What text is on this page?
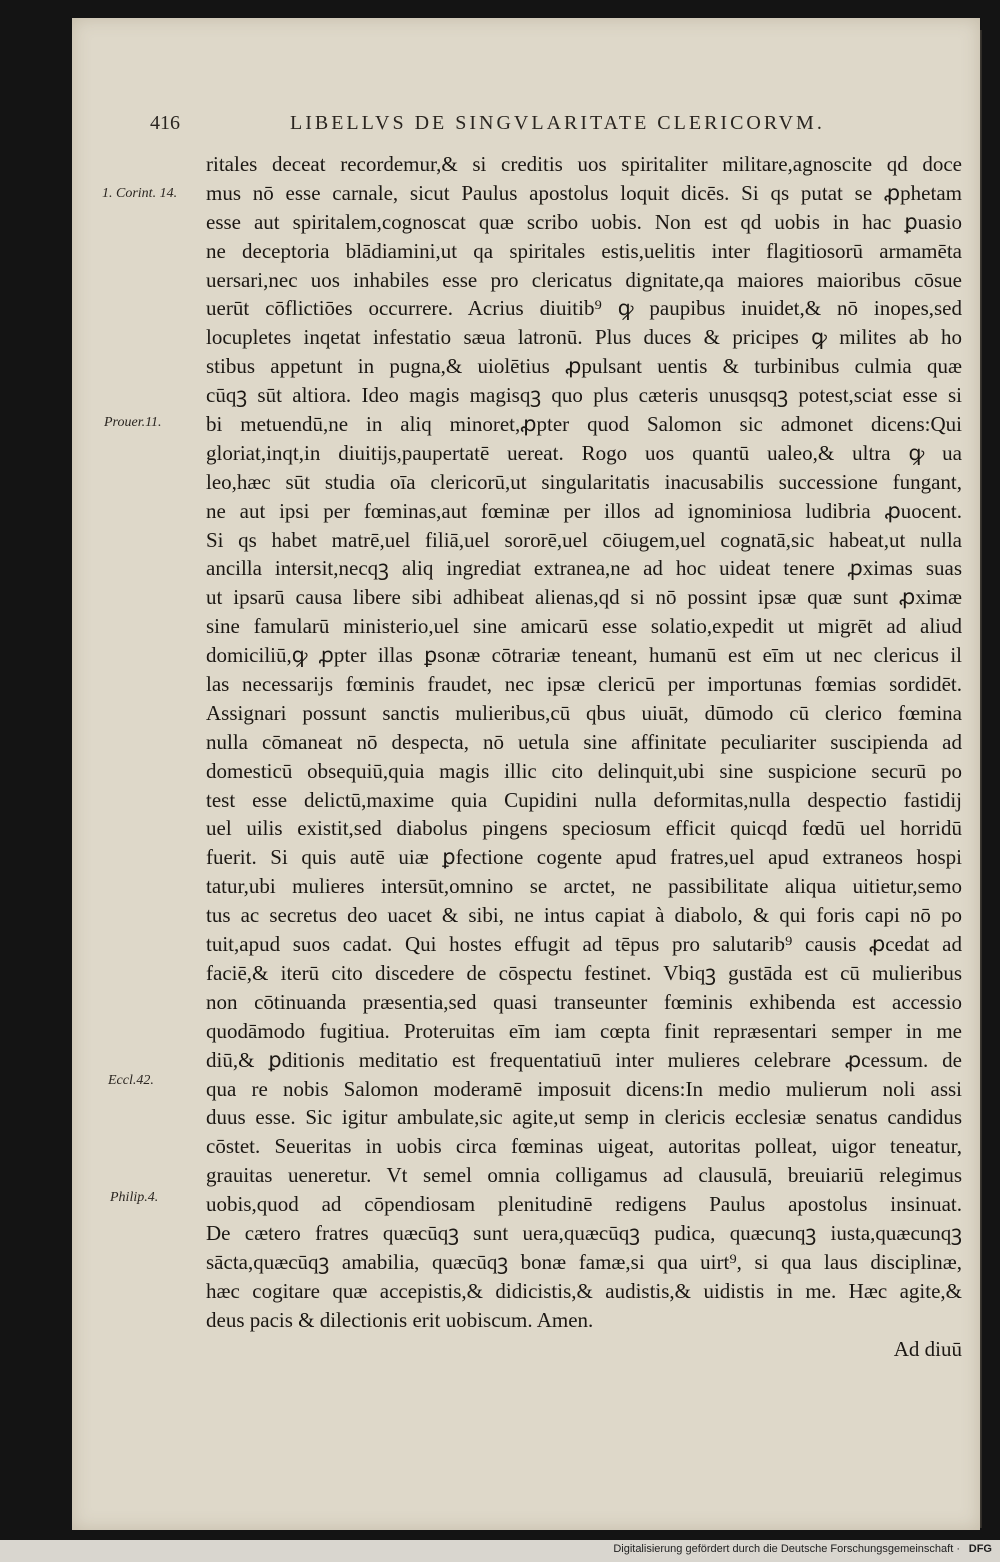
416	LIBELLVS DE SINGVLARITATE CLERICORVM.
1. Corint. 14.
Prouer.11.
Eccl.42.
Philip.4.
ritales deceat recordemur,& si creditis uos spiritaliter militare,agnoscite qd doce
mus nō esse carnale, sicut Paulus apostolus loquit dicēs. Si qs putat se ꝓphetam
esse aut spiritalem,cognoscat quæ scribo uobis. Non est qd uobis in hac ꝑuasio
ne deceptoria blādiamini,ut qa spiritales estis,uelitis inter flagitiosorū armamēta
uersari,nec uos inhabiles esse pro clericatus dignitate,qa maiores maioribus cōsue
uerūt cōflictiōes occurrere. Acrius diuitib⁹ ꝙ paupibus inuidet,& nō inopes,sed
locupletes inqetat infestatio sæua latronū. Plus duces & pricipes ꝙ milites ab ho
stibus appetunt in pugna,& uiolētius ꝓpulsant uentis & turbinibus culmia quæ
cūqꝫ sūt altiora. Ideo magis magisqꝫ quo plus cæteris unusqsqꝫ potest,sciat esse si
bi metuendū,ne in aliq minoret,ꝓpter quod Salomon sic admonet dicens:Qui
gloriat,inqt,in diuitijs,paupertatē uereat. Rogo uos quantū ualeo,& ultra ꝙ ua
leo,hæc sūt studia oīa clericorū,ut singularitatis inacusabilis successione fungant,
ne aut ipsi per fœminas,aut fœminæ per illos ad ignominiosa ludibria ꝓuocent.
Si qs habet matrē,uel filiā,uel sororē,uel cōiugem,uel cognatā,sic habeat,ut nulla
ancilla intersit,necqꝫ aliq ingrediat extranea,ne ad hoc uideat tenere ꝓximas suas
ut ipsarū causa libere sibi adhibeat alienas,qd si nō possint ipsæ quæ sunt ꝓximæ
sine famularū ministerio,uel sine amicarū esse solatio,expedit ut migrēt ad aliud
domiciliū,ꝙ ꝓpter illas ꝑsonæ cōtrariæ teneant, humanū est eīm ut nec clericus il
las necessarijs fœminis fraudet, nec ipsæ clericū per importunas fœmias sordidēt.
Assignari possunt sanctis mulieribus,cū qbus uiuāt, dūmodo cū clerico fœmina
nulla cōmaneat nō despecta, nō uetula sine affinitate peculiariter suscipienda ad
domesticū obsequiū,quia magis illic cito delinquit,ubi sine suspicione securū po
test esse delictū,maxime quia Cupidini nulla deformitas,nulla despectio fastidij
uel uilis existit,sed diabolus pingens speciosum efficit quicqd fœdū uel horridū
fuerit. Si quis autē uiæ ꝑfectione cogente apud fratres,uel apud extraneos hospi
tatur,ubi mulieres intersūt,omnino se arctet, ne passibilitate aliqua uitietur,semo
tus ac secretus deo uacet & sibi, ne intus capiat à diabolo, & qui foris capi nō po
tuit,apud suos cadat. Qui hostes effugit ad tēpus pro salutarib⁹ causis ꝓcedat ad
faciē,& iterū cito discedere de cōspectu festinet. Vbiqꝫ gustāda est cū mulieribus
non cōtinuanda præsentia,sed quasi transeunter fœminis exhibenda est accessio
quodāmodo fugitiua. Proteruitas eīm iam cœpta finit repræsentari semper in me
diū,& ꝑditionis meditatio est frequentatiuū inter mulieres celebrare ꝓcessum. de
qua re nobis Salomon moderamē imposuit dicens:In medio mulierum noli assi
duus esse. Sic igitur ambulate,sic agite,ut semp in clericis ecclesiæ senatus candidus
cōstet. Seueritas in uobis circa fœminas uigeat, autoritas polleat, uigor teneatur,
grauitas ueneretur. Vt semel omnia colligamus ad clausulā, breuiariū relegimus
uobis,quod ad cōpendiosam plenitudinē redigens Paulus apostolus insinuat.
De cætero fratres quæcūqꝫ sunt uera,quæcūqꝫ pudica, quæcunqꝫ iusta,quæcunqꝫ
sācta,quæcūqꝫ amabilia, quæcūqꝫ bonæ famæ,si qua uirt⁹, si qua laus disciplinæ,
hæc cogitare quæ accepistis,& didicistis,& audistis,& uidistis in me. Hæc agite,&
deus pacis & dilectionis erit uobiscum. Amen.
Ad diuū
Digitalisierung gefördert durch die Deutsche Forschungsgemeinschaft · DFG
